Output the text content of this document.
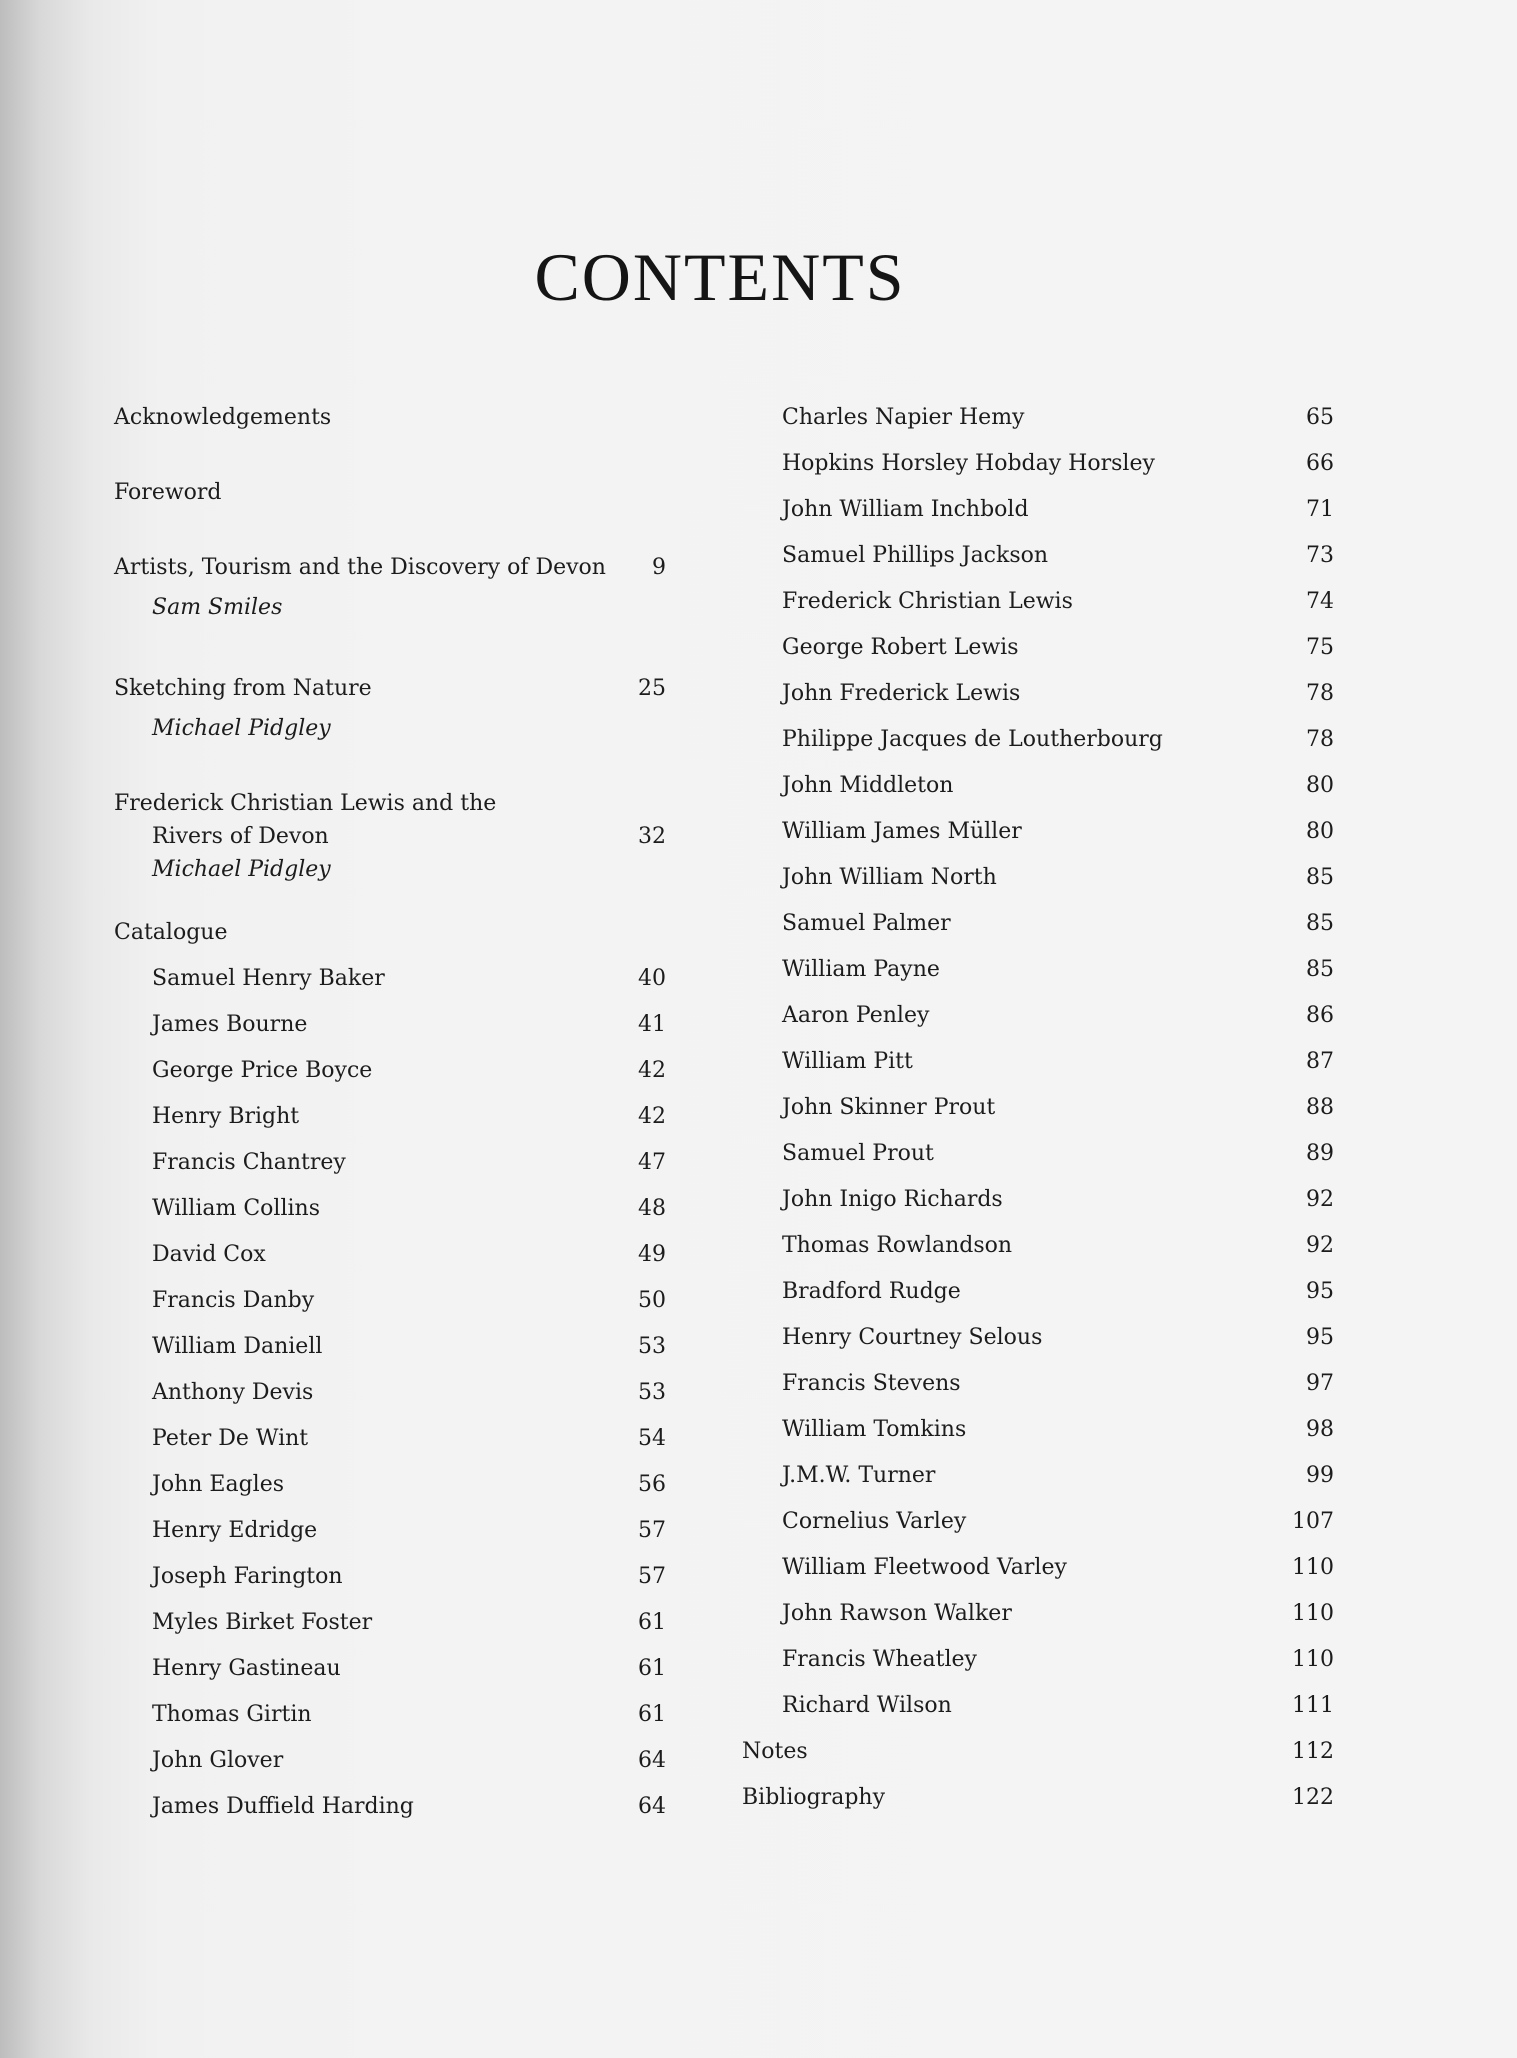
CONTENTS
Acknowledgements
Foreword
Artists, Tourism and the Discovery of Devon 9
Sam Smiles
Sketching from Nature	25
Michael Pidgley
Frederick Christian Lewis and the
Rivers of Devon	32
Michael Pidgley
Catalogue
Samuel Henry Baker	40
James Bourne	41
George Price Boyce	42
Henry Bright	42
Francis Chantrey	47
William Collins	48
David Cox	49
Francis Danby	50
William Daniell	53
Anthony Devis	53
Peter De Wint	54
John Eagles	56
Henry Edridge	57
Joseph Farington	57
Myles Birket Foster	61
Henry Gastineau	61
Thomas Girtin	61
John Glover	64
James Duffield Harding	64
Charles Napier Hemy	65
Hopkins Horsley Hobday Horsley	66
John William Inchbold	71
Samuel Phillips Jackson	73
Frederick Christian Lewis	74
George Robert Lewis	75
John Frederick Lewis	78
Philippe Jacques de Loutherbourg	78
John Middleton	80
William James Müller	80
John William North	85
Samuel Palmer	85
William Payne	85
Aaron Penley	86
William Pitt	87
John Skinner Prout	88
Samuel Prout	89
John Inigo Richards	92
Thomas Rowlandson	92
Bradford Rudge	95
Henry Courtney Selous	95
Francis Stevens	97
William Tomkins	98
J.M.W. Turner	99
Cornelius Varley	107
William Fleetwood Varley	110
John Rawson Walker	110
Francis Wheatley	110
Richard Wilson	111
Notes	112
Bibliography	122
